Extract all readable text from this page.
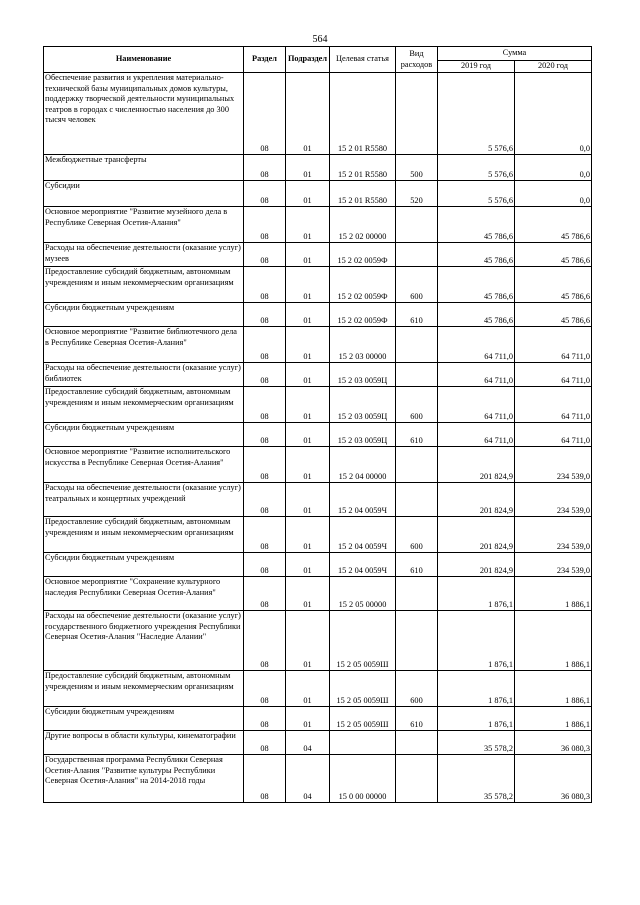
564
Наименование	Раздел	Подраздел	Целевая статья	Вид расходов	Сумма	
					2019 год	2020 год
Обеспечение развития и укрепления материально-технической базы муниципальных домов культуры, поддержку творческой деятельности муниципальных театров в городах с численностью населения до 300 тысяч человек	08	01	15 2 01 R5580		5 576,6	0,0
Межбюджетные трансферты	08	01	15 2 01 R5580	500	5 576,6	0,0
Субсидии	08	01	15 2 01 R5580	520	5 576,6	0,0
Основное мероприятие "Развитие музейного дела в Республике Северная Осетия-Алания"	08	01	15 2 02 00000		45 786,6	45 786,6
Расходы на обеспечение деятельности (оказание услуг) музеев	08	01	15 2 02 0059Ф		45 786,6	45 786,6
Предоставление субсидий бюджетным, автономным учреждениям и иным некоммерческим организациям	08	01	15 2 02 0059Ф	600	45 786,6	45 786,6
Субсидии бюджетным учреждениям	08	01	15 2 02 0059Ф	610	45 786,6	45 786,6
Основное мероприятие "Развитие библиотечного дела в Республике Северная Осетия-Алания"	08	01	15 2 03 00000		64 711,0	64 711,0
Расходы на обеспечение деятельности (оказание услуг) библиотек	08	01	15 2 03 0059Ц		64 711,0	64 711,0
Предоставление субсидий бюджетным, автономным учреждениям и иным некоммерческим организациям	08	01	15 2 03 0059Ц	600	64 711,0	64 711,0
Субсидии бюджетным учреждениям	08	01	15 2 03 0059Ц	610	64 711,0	64 711,0
Основное мероприятие "Развитие исполнительского искусства в Республике Северная Осетия-Алания"	08	01	15 2 04 00000		201 824,9	234 539,0
Расходы на обеспечение деятельности (оказание услуг) театральных и концертных учреждений	08	01	15 2 04 0059Ч		201 824,9	234 539,0
Предоставление субсидий бюджетным, автономным учреждениям и иным некоммерческим организациям	08	01	15 2 04 0059Ч	600	201 824,9	234 539,0
Субсидии бюджетным учреждениям	08	01	15 2 04 0059Ч	610	201 824,9	234 539,0
Основное мероприятие "Сохранение культурного наследия Республики Северная Осетия-Алания"	08	01	15 2 05 00000		1 876,1	1 886,1
Расходы на обеспечение деятельности (оказание услуг) государственного бюджетного учреждения Республики Северная Осетия-Алания "Наследие Алании"	08	01	15 2 05 0059Ш		1 876,1	1 886,1
Предоставление субсидий бюджетным, автономным учреждениям и иным некоммерческим организациям	08	01	15 2 05 0059Ш	600	1 876,1	1 886,1
Субсидии бюджетным учреждениям	08	01	15 2 05 0059Ш	610	1 876,1	1 886,1
Другие вопросы в области культуры, кинематографии	08	04			35 578,2	36 080,3
Государственная программа Республики Северная Осетия-Алания "Развитие культуры Республики Северная Осетия-Алания" на 2014-2018 годы	08	04	15 0 00 00000		35 578,2	36 080,3
